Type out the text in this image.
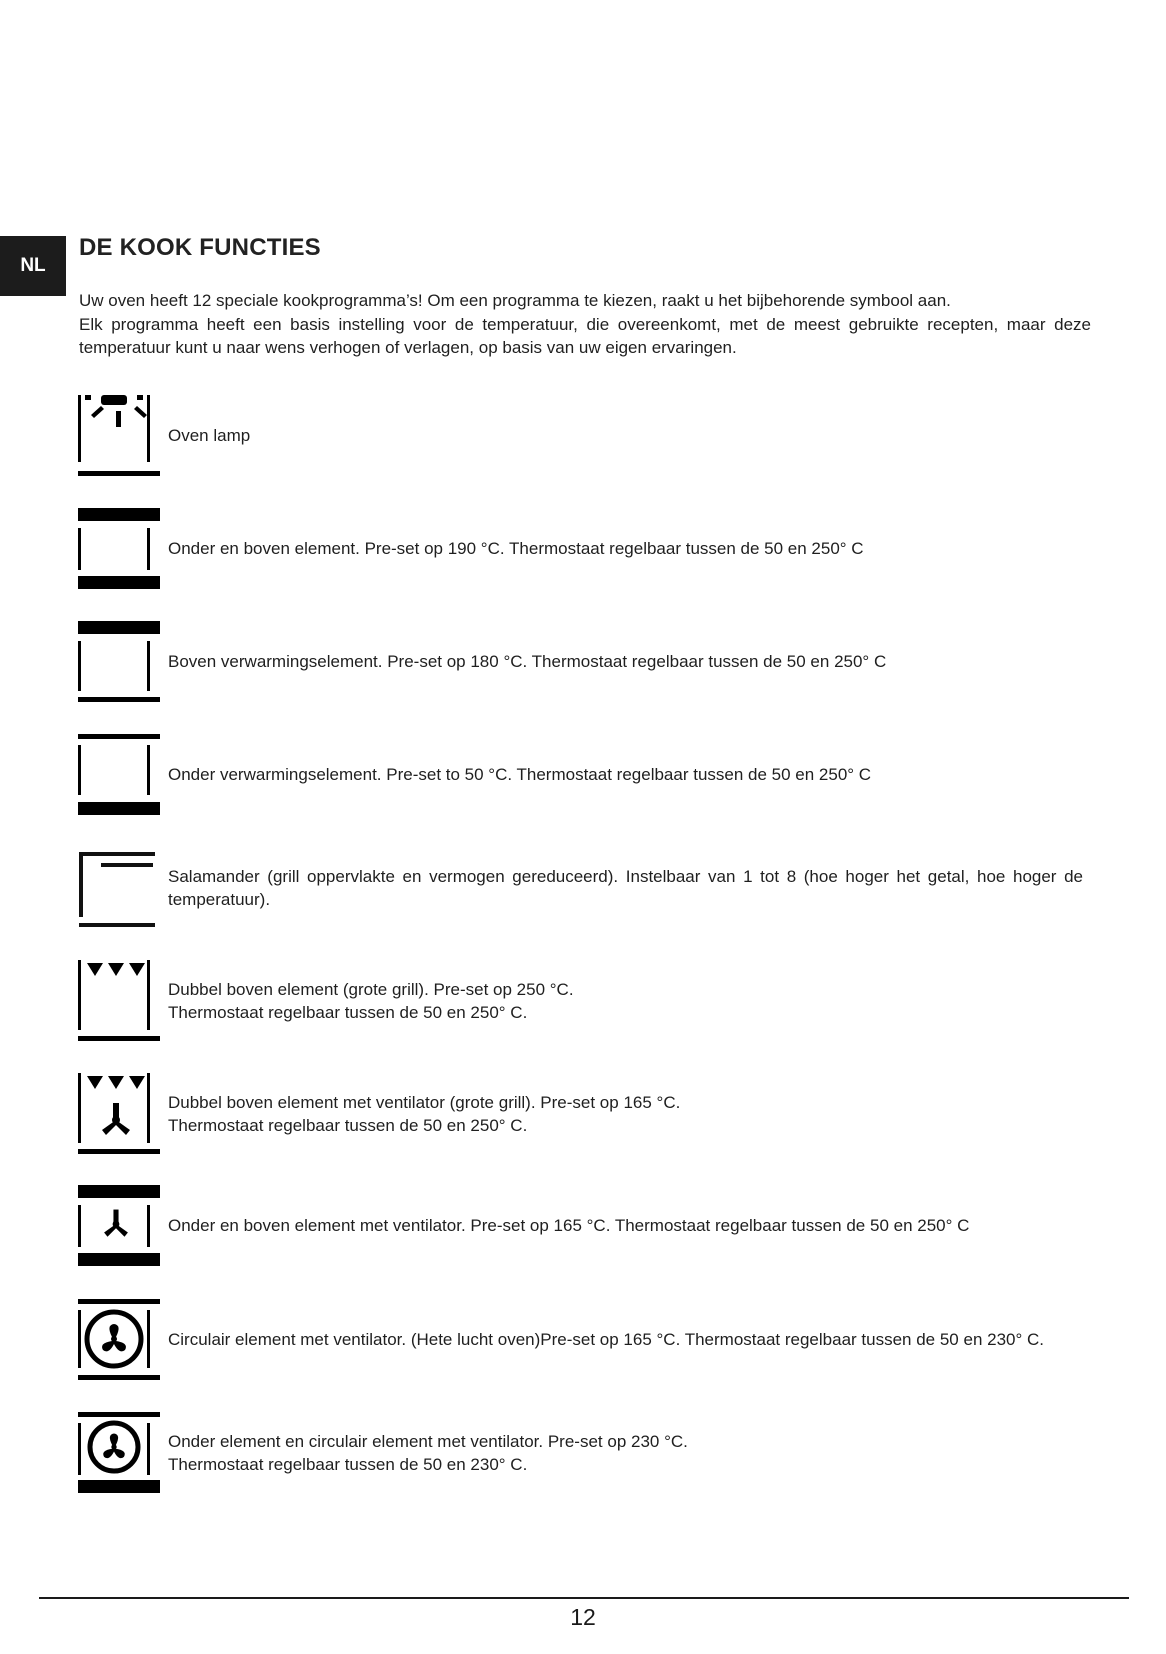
NL
DE KOOK FUNCTIES

Uw oven heeft 12 speciale kookprogramma’s! Om een programma te kiezen, raakt u het bijbehorende symbool aan.

Elk programma heeft een basis instelling voor de temperatuur, die overeenkomt, met de meest gebruikte recepten, maar deze temperatuur kunt u naar wens verhogen of verlagen, op basis van uw eigen ervaringen.

Oven lamp
Onder en boven element. Pre-set op 190 °C. Thermostaat regelbaar tussen de 50 en 250° C
Boven verwarmingselement. Pre-set op 180 °C. Thermostaat regelbaar tussen de 50 en 250° C
Onder verwarmingselement. Pre-set to 50 °C. Thermostaat regelbaar tussen de 50 en 250° C
Salamander (grill oppervlakte en vermogen gereduceerd). Instelbaar van 1 tot 8 (hoe hoger het getal, hoe hoger de temperatuur).
Dubbel boven element (grote grill). Pre-set op 250 °C.
Thermostaat regelbaar tussen de 50 en 250° C.
Dubbel boven element met ventilator (grote grill). Pre-set op 165 °C.
Thermostaat regelbaar tussen de 50 en 250° C.
Onder en boven element met ventilator. Pre-set op 165 °C. Thermostaat regelbaar tussen de 50 en 250° C
Circulair element met ventilator. (Hete lucht oven)Pre-set op 165 °C. Thermostaat regelbaar tussen de 50 en 230° C.
Onder element en circulair element met ventilator. Pre-set op 230 °C.
Thermostaat regelbaar tussen de 50 en 230° C.
12
